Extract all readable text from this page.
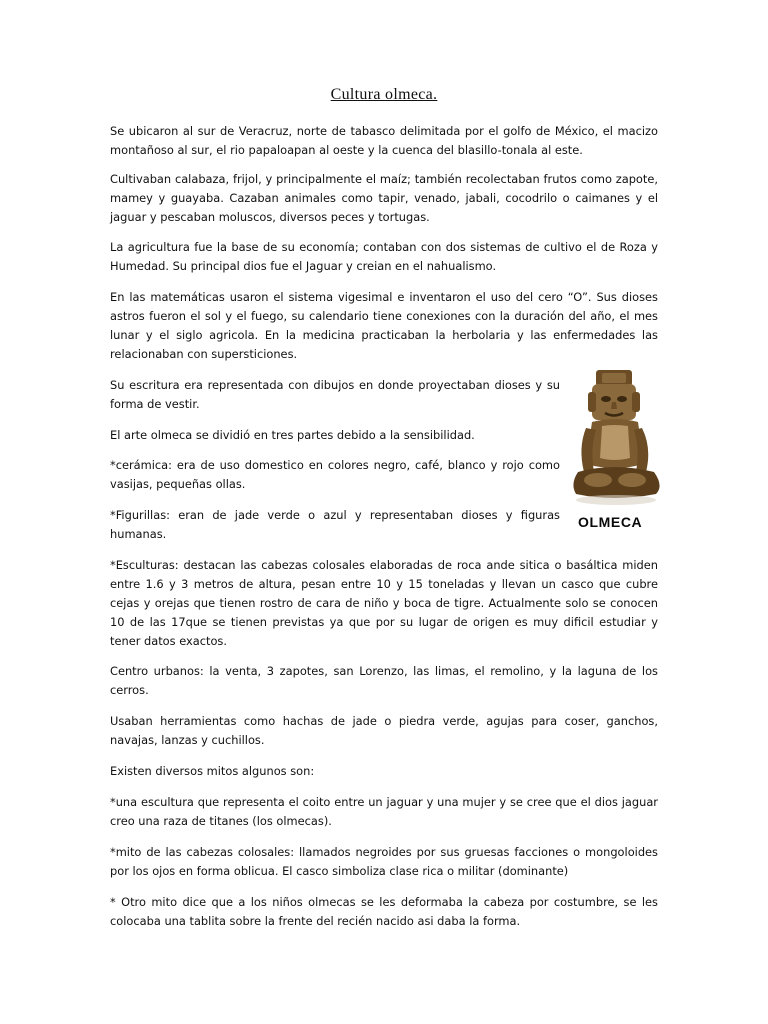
Cultura olmeca.

Se ubicaron al sur de Veracruz, norte de tabasco delimitada por el golfo de México, el macizo montañoso al sur, el rio papaloapan al oeste y la cuenca del blasillo-tonala al este.

Cultivaban calabaza, frijol, y principalmente el maíz; también recolectaban frutos como zapote, mamey y guayaba. Cazaban animales como tapir, venado, jabali, cocodrilo o caimanes y el jaguar y pescaban moluscos, diversos peces y tortugas.

La agricultura fue la base de su economía; contaban con dos sistemas de cultivo el de Roza y Humedad. Su principal dios fue el Jaguar y creian en el nahualismo.

En las matemáticas usaron el sistema vigesimal e inventaron el uso del cero “O”. Sus dioses astros fueron el sol y el fuego, su calendario tiene conexiones con la duración del año, el mes lunar y el siglo agricola. En la medicina practicaban la herbolaria y las enfermedades las relacionaban con supersticiones.

Su escritura era representada con dibujos en donde proyectaban dioses y su forma de vestir.

El arte olmeca se dividió en tres partes debido a la sensibilidad.

*cerámica: era de uso domestico en colores negro, café, blanco y rojo como vasijas, pequeñas ollas.

*Figurillas: eran de jade verde o azul y representaban dioses y figuras humanas.

*Esculturas: destacan las cabezas colosales elaboradas de roca ande sitica o basáltica miden entre 1.6 y 3 metros de altura, pesan entre 10 y 15 toneladas y llevan un casco que cubre cejas y orejas que tienen rostro de cara de niño y boca de tigre. Actualmente solo se conocen 10 de las 17que se tienen previstas ya que por su lugar de origen es muy dificil estudiar y tener datos exactos.

Centro urbanos: la venta, 3 zapotes, san Lorenzo, las limas, el remolino, y la laguna de los cerros.

Usaban herramientas como hachas de jade o piedra verde, agujas para coser, ganchos, navajas, lanzas y cuchillos.

Existen diversos mitos algunos son:

*una escultura que representa el coito entre un jaguar y una mujer y se cree que el dios jaguar creo una raza de titanes (los olmecas).

*mito de las cabezas colosales: llamados negroides por sus gruesas facciones o mongoloides por los ojos en forma oblicua. El casco simboliza clase rica o militar (dominante)

* Otro mito dice que a los niños olmecas se les deformaba la cabeza por costumbre, se les colocaba una tablita sobre la frente del recién nacido asi daba la forma.

OLMECA
